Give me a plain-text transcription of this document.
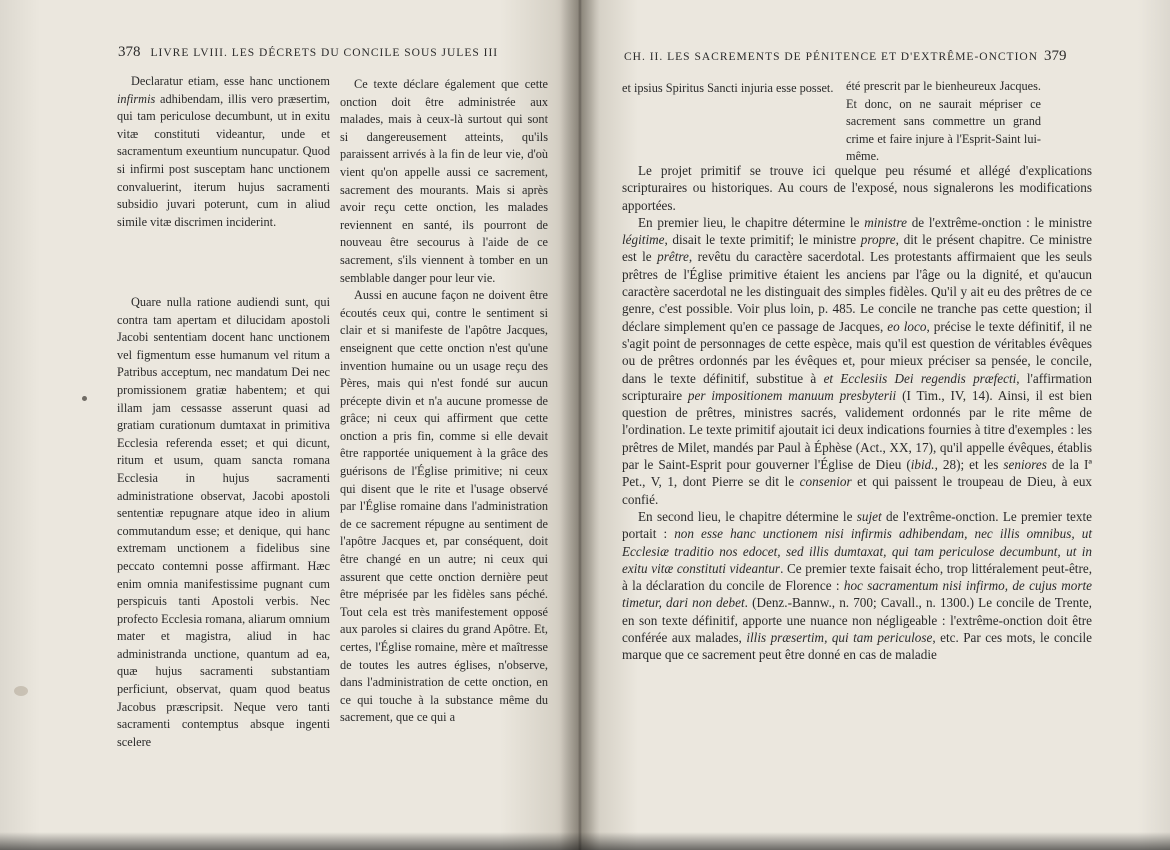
378 LIVRE LVIII. LES DÉCRETS DU CONCILE SOUS JULES III

Declaratur etiam, esse hanc unctionem infirmis adhibendam, illis vero præsertim, qui tam periculose decumbunt, ut in exitu vitæ constituti videantur, unde et sacramentum exeuntium nuncupatur. Quod si infirmi post susceptam hanc unctionem convaluerint, iterum hujus sacramenti subsidio juvari poterunt, cum in aliud simile vitæ discrimen inciderint.

Quare nulla ratione audiendi sunt, qui contra tam apertam et dilucidam apostoli Jacobi sententiam docent hanc unctionem vel figmentum esse humanum vel ritum a Patribus acceptum, nec mandatum Dei nec promissionem gratiæ habentem; et qui illam jam cessasse asserunt quasi ad gratiam curationum dumtaxat in primitiva Ecclesia referenda esset; et qui dicunt, ritum et usum, quam sancta romana Ecclesia in hujus sacramenti administratione observat, Jacobi apostoli sententiæ repugnare atque ideo in alium commutandum esse; et denique, qui hanc extremam unctionem a fidelibus sine peccato contemni posse affirmant. Hæc enim omnia manifestissime pugnant cum perspicuis tanti Apostoli verbis. Nec profecto Ecclesia romana, aliarum omnium mater et magistra, aliud in hac administranda unctione, quantum ad ea, quæ hujus sacramenti substantiam perficiunt, observat, quam quod beatus Jacobus præscripsit. Neque vero tanti sacramenti contemptus absque ingenti scelere

Ce texte déclare également que cette onction doit être administrée aux malades, mais à ceux-là surtout qui sont si dangereusement atteints, qu'ils paraissent arrivés à la fin de leur vie, d'où vient qu'on appelle aussi ce sacrement, sacrement des mourants. Mais si après avoir reçu cette onction, les malades reviennent en santé, ils pourront de nouveau être secourus à l'aide de ce sacrement, s'ils viennent à tomber en un semblable danger pour leur vie.

Aussi en aucune façon ne doivent être écoutés ceux qui, contre le sentiment si clair et si manifeste de l'apôtre Jacques, enseignent que cette onction n'est qu'une invention humaine ou un usage reçu des Pères, mais qui n'est fondé sur aucun précepte divin et n'a aucune promesse de grâce; ni ceux qui affirment que cette onction a pris fin, comme si elle devait être rapportée uniquement à la grâce des guérisons de l'Église primitive; ni ceux qui disent que le rite et l'usage observé par l'Église romaine dans l'administration de ce sacrement répugne au sentiment de l'apôtre Jacques et, par conséquent, doit être changé en un autre; ni ceux qui assurent que cette onction dernière peut être méprisée par les fidèles sans péché. Tout cela est très manifestement opposé aux paroles si claires du grand Apôtre. Et, certes, l'Église romaine, mère et maîtresse de toutes les autres églises, n'observe, dans l'administration de cette onction, en ce qui touche à la substance même du sacrement, que ce qui a

CH. II. LES SACREMENTS DE PÉNITENCE ET D'EXTRÊME-ONCTION 379

et ipsius Spiritus Sancti injuria esse posset. été prescrit par le bienheureux Jacques. Et donc, on ne saurait mépriser ce sacrement sans commettre un grand crime et faire injure à l'Esprit-Saint lui-même.

Le projet primitif se trouve ici quelque peu résumé et allégé d'explications scripturaires ou historiques. Au cours de l'exposé, nous signalerons les modifications apportées.

En premier lieu, le chapitre détermine le ministre de l'extrême-onction : le ministre légitime, disait le texte primitif; le ministre propre, dit le présent chapitre. Ce ministre est le prêtre, revêtu du caractère sacerdotal. Les protestants affirmaient que les seuls prêtres de l'Église primitive étaient les anciens par l'âge ou la dignité, et qu'aucun caractère sacerdotal ne les distinguait des simples fidèles. Qu'il y ait eu des prêtres de ce genre, c'est possible. Voir plus loin, p. 485. Le concile ne tranche pas cette question; il déclare simplement qu'en ce passage de Jacques, eo loco, précise le texte définitif, il ne s'agit point de personnages de cette espèce, mais qu'il est question de véritables évêques ou de prêtres ordonnés par les évêques et, pour mieux préciser sa pensée, le concile, dans le texte définitif, substitue à et Ecclesiis Dei regendis præfecti, l'affirmation scripturaire per impositionem manuum presbyterii (I Tim., IV, 14). Ainsi, il est bien question de prêtres, ministres sacrés, validement ordonnés par le rite même de l'ordination. Le texte primitif ajoutait ici deux indications fournies à titre d'exemples : les prêtres de Milet, mandés par Paul à Éphèse (Act., XX, 17), qu'il appelle évêques, établis par le Saint-Esprit pour gouverner l'Église de Dieu (ibid., 28); et les seniores de la Iª Pet., V, 1, dont Pierre se dit le consenior et qui paissent le troupeau de Dieu, à eux confié.

En second lieu, le chapitre détermine le sujet de l'extrême-onction. Le premier texte portait : non esse hanc unctionem nisi infirmis adhibendam, nec illis omnibus, ut Ecclesiæ traditio nos edocet, sed illis dumtaxat, qui tam periculose decumbunt, ut in exitu vitæ constituti videantur. Ce premier texte faisait écho, trop littéralement peut-être, à la déclaration du concile de Florence : hoc sacramentum nisi infirmo, de cujus morte timetur, dari non debet. (Denz.-Bannw., n. 700; Cavall., n. 1300.) Le concile de Trente, en son texte définitif, apporte une nuance non négligeable : l'extrême-onction doit être conférée aux malades, illis præsertim, qui tam periculose, etc. Par ces mots, le concile marque que ce sacrement peut être donné en cas de maladie
